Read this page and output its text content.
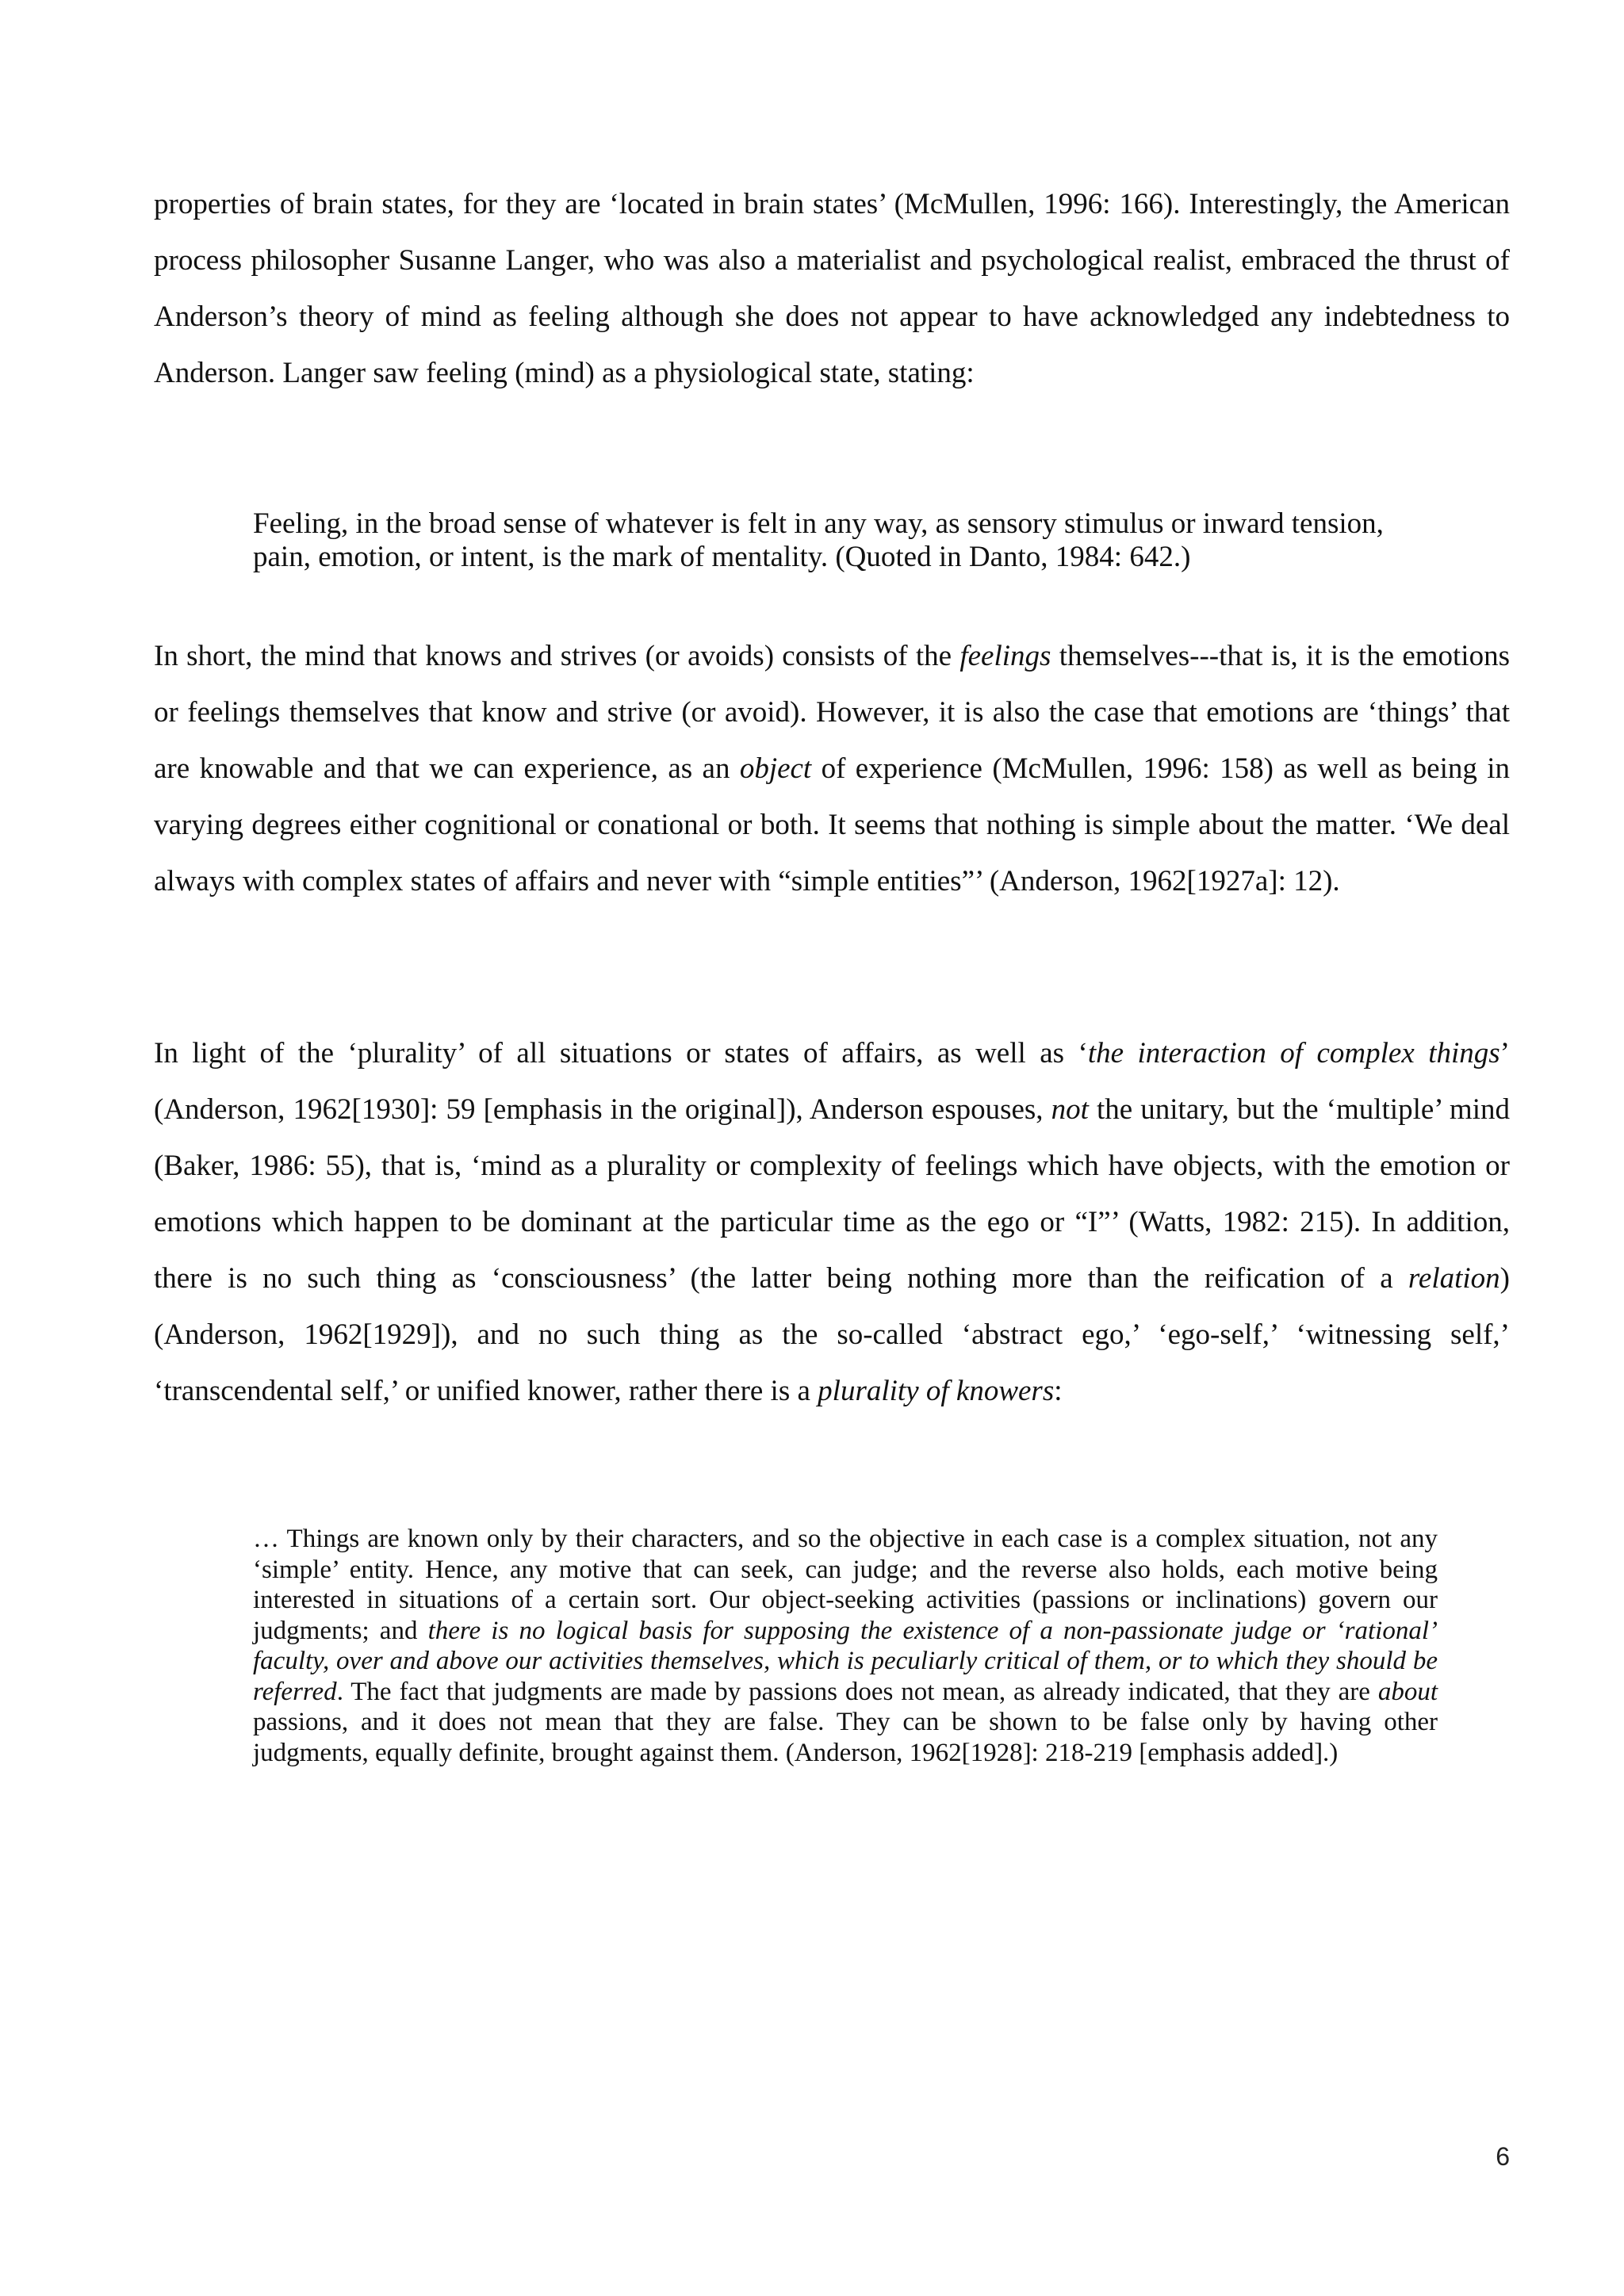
properties of brain states, for they are ‘located in brain states’ (McMullen, 1996: 166). Interestingly, the American process philosopher Susanne Langer, who was also a materialist and psychological realist, embraced the thrust of Anderson’s theory of mind as feeling although she does not appear to have acknowledged any indebtedness to Anderson. Langer saw feeling (mind) as a physiological state, stating:

Feeling, in the broad sense of whatever is felt in any way, as sensory stimulus or inward tension, pain, emotion, or intent, is the mark of mentality. (Quoted in Danto, 1984: 642.)

In short, the mind that knows and strives (or avoids) consists of the feelings themselves---that is, it is the emotions or feelings themselves that know and strive (or avoid). However, it is also the case that emotions are ‘things’ that are knowable and that we can experience, as an object of experience (McMullen, 1996: 158) as well as being in varying degrees either cognitional or conational or both. It seems that nothing is simple about the matter. ‘We deal always with complex states of affairs and never with “simple entities”’ (Anderson, 1962[1927a]: 12).

In light of the ‘plurality’ of all situations or states of affairs, as well as ‘the interaction of complex things’ (Anderson, 1962[1930]: 59 [emphasis in the original]), Anderson espouses, not the unitary, but the ‘multiple’ mind (Baker, 1986: 55), that is, ‘mind as a plurality or complexity of feelings which have objects, with the emotion or emotions which happen to be dominant at the particular time as the ego or “I”’ (Watts, 1982: 215). In addition, there is no such thing as ‘consciousness’ (the latter being nothing more than the reification of a relation) (Anderson, 1962[1929]), and no such thing as the so-called ‘abstract ego,’ ‘ego-self,’ ‘witnessing self,’ ‘transcendental self,’ or unified knower, rather there is a plurality of knowers:

… Things are known only by their characters, and so the objective in each case is a complex situation, not any ‘simple’ entity. Hence, any motive that can seek, can judge; and the reverse also holds, each motive being interested in situations of a certain sort. Our object-seeking activities (passions or inclinations) govern our judgments; and there is no logical basis for supposing the existence of a non-passionate judge or ‘rational’ faculty, over and above our activities themselves, which is peculiarly critical of them, or to which they should be referred. The fact that judgments are made by passions does not mean, as already indicated, that they are about passions, and it does not mean that they are false. They can be shown to be false only by having other judgments, equally definite, brought against them. (Anderson, 1962[1928]: 218-219 [emphasis added].)

6
